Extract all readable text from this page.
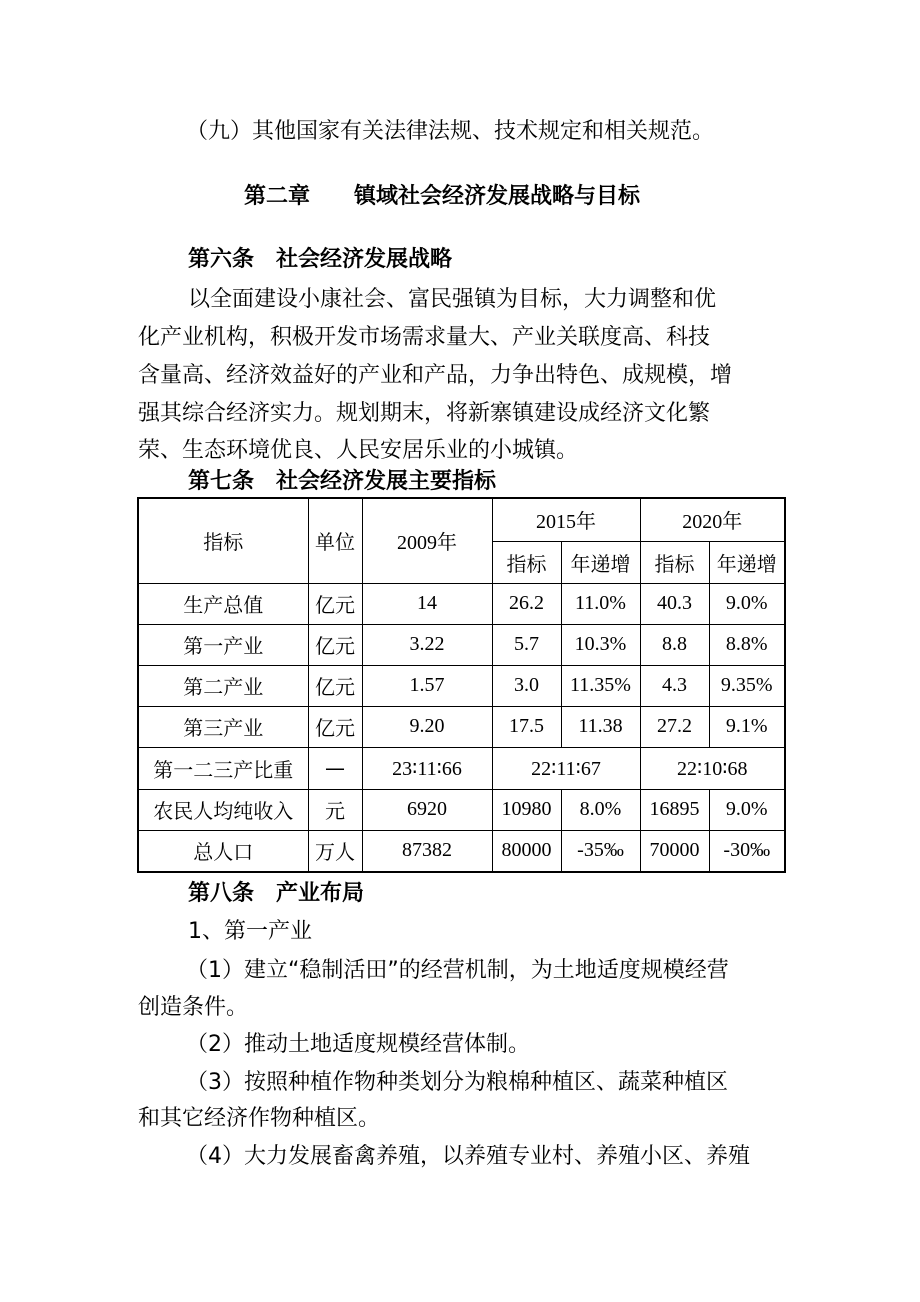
（九）其他国家有关法律法规、技术规定和相关规范。
第二章　　镇域社会经济发展战略与目标
第六条　社会经济发展战略
以全面建设小康社会、富民强镇为目标，大力调整和优
化产业机构，积极开发市场需求量大、产业关联度高、科技
含量高、经济效益好的产业和产品，力争出特色、成规模，增
强其综合经济实力。规划期末，将新寨镇建设成经济文化繁
荣、生态环境优良、人民安居乐业的小城镇。
第七条　社会经济发展主要指标
指标	单位	2009年	2015年		2020年	
			指标	年递增	指标	年递增
生产总值	亿元	14	26.2	11.0%	40.3	9.0%
第一产业	亿元	3.22	5.7	10.3%	8.8	8.8%
第二产业	亿元	1.57	3.0	11.35%	4.3	9.35%
第三产业	亿元	9.20	17.5	11.38	27.2	9.1%
第一二三产比重	—	23∶11∶66	22∶11∶67		22∶10∶68	
农民人均纯收入	元	6920	10980	8.0%	16895	9.0%
总人口	万人	87382	80000	-35‰	70000	-30‰
第八条　产业布局
1、第一产业
（1）建立“稳制活田”的经营机制，为土地适度规模经营
创造条件。
（2）推动土地适度规模经营体制。
（3）按照种植作物种类划分为粮棉种植区、蔬菜种植区
和其它经济作物种植区。
（4）大力发展畜禽养殖，以养殖专业村、养殖小区、养殖
